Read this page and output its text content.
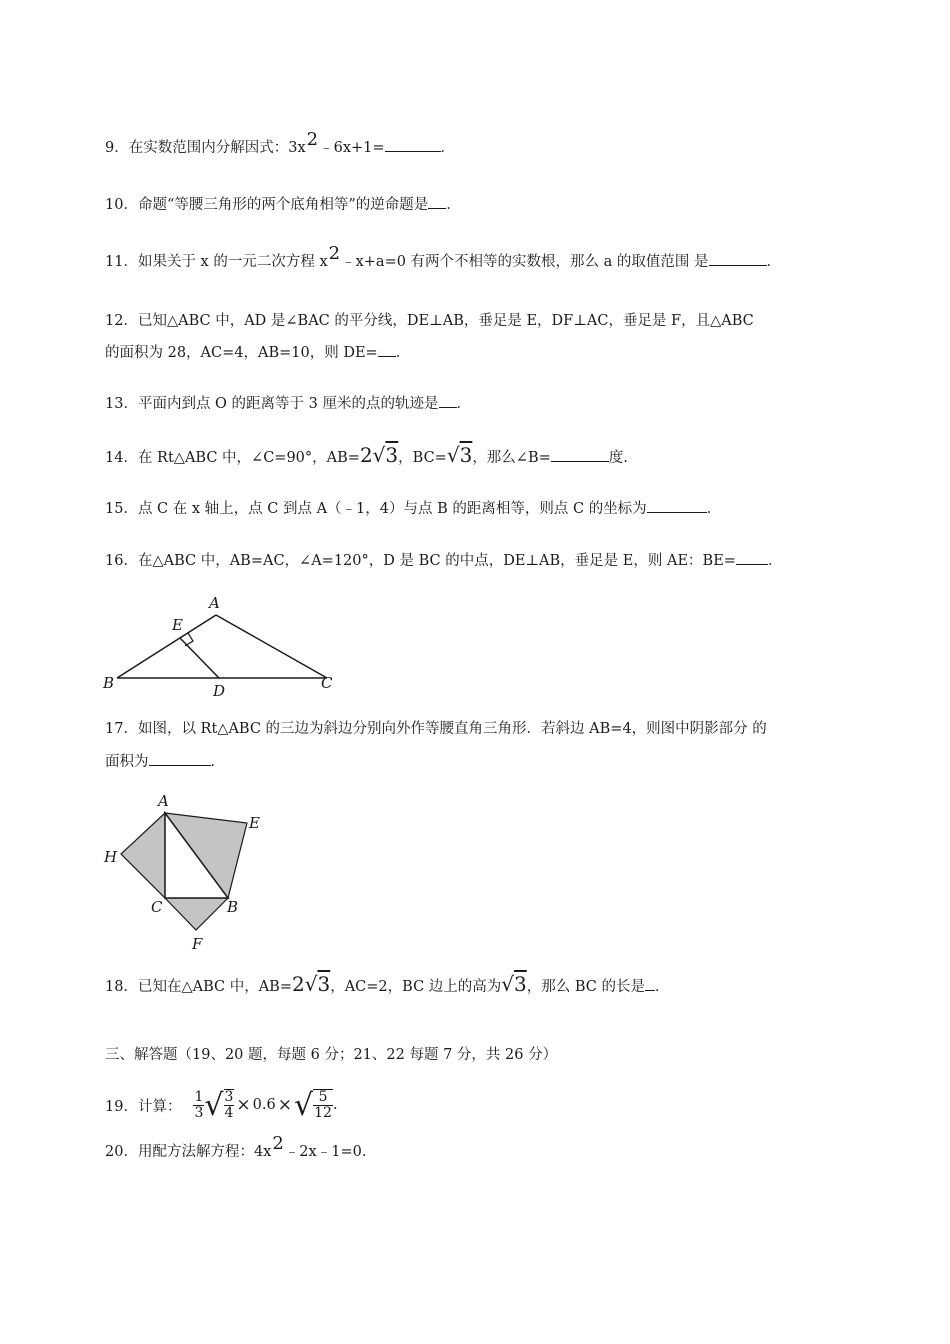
9．在实数范围内分解因式：3x2﹣6x+1=	．
10．命题“等腰三角形的两个底角相等”的逆命题是 ．
11．如果关于 x 的一元二次方程 x2﹣x+a=0 有两个不相等的实数根，那么 a 的取值范围 是	．
12．已知△ABC 中，AD 是∠BAC 的平分线，DE⊥AB，垂足是 E，DF⊥AC，垂足是 F，且△ABC
的面积为 28，AC=4，AB=10，则 DE= ．
13．平面内到点 O 的距离等于 3 厘米的点的轨迹是 ．
14．在 Rt△ABC 中，∠C=90°，AB=2√3，BC=√3，那么∠B=	度.
15．点 C 在 x 轴上，点 C 到点 A（﹣1，4）与点 B 的距离相等，则点 C 的坐标为	．
16．在△ABC 中，AB=AC，∠A=120°，D 是 BC 的中点，DE⊥AB，垂足是 E，则 AE：BE= ．
A
B	C
D
E
17．如图，以 Rt△ABC 的三边为斜边分别向外作等腰直角三角形．若斜边 AB=4，则图中阴影部分 的
面积为	．
A
E
H
C	B
F
18．已知在△ABC 中，AB=2√3，AC=2，BC 边上的高为√3，那么 BC 的长是 ．
三、解答题（19、20 题，每题 6 分；21、22 每题 7 分，共 26 分）
19．计算： $\frac{1}{3}$ √ $\frac{3}{4} \times 0.6$ × √ $\frac{5}{12}$ .
20．用配方法解方程：4x2﹣2x﹣1=0.
